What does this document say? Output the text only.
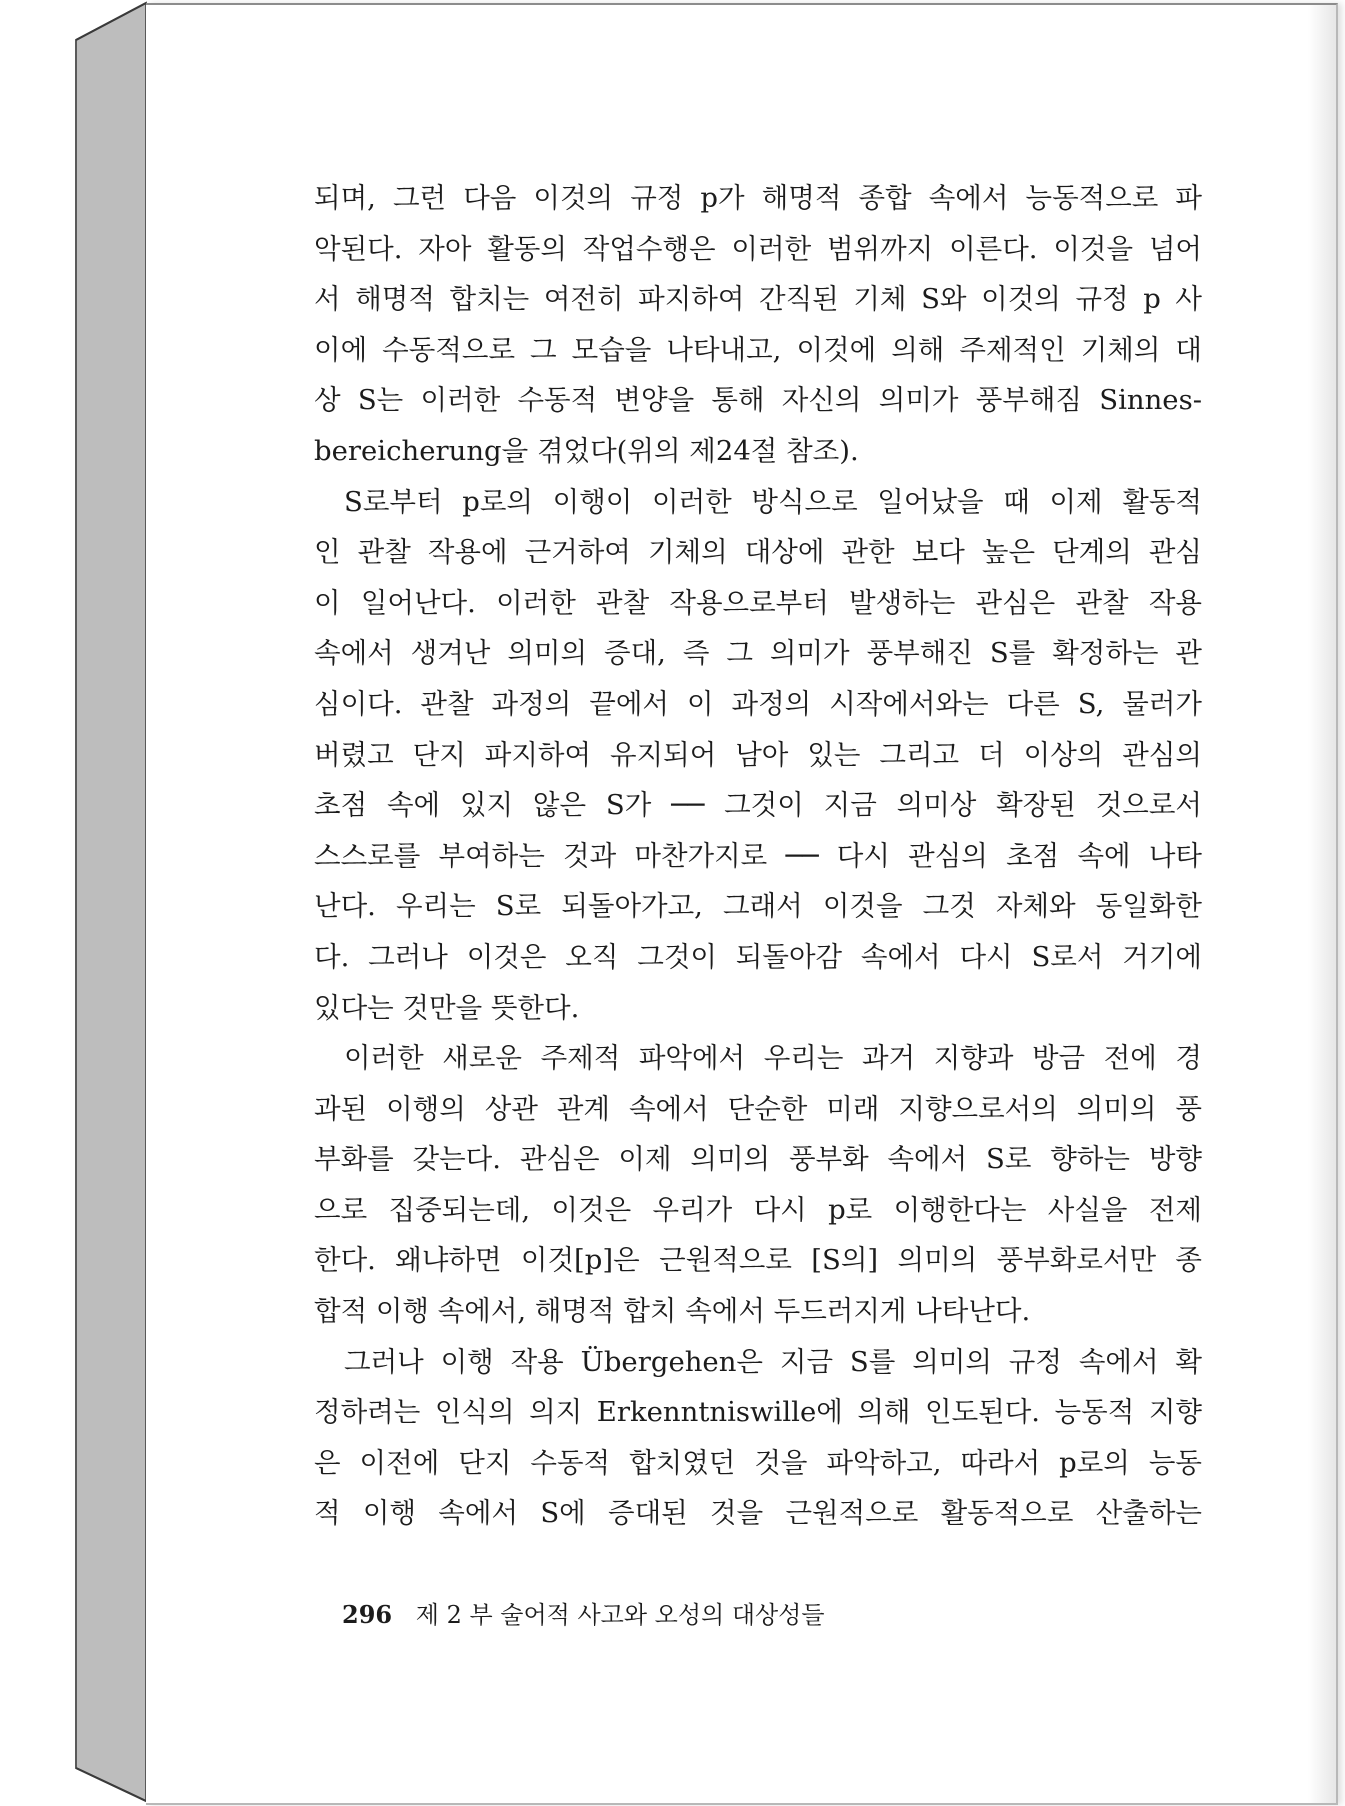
되며, 그런 다음 이것의 규정 p가 해명적 종합 속에서 능동적으로 파
악된다. 자아 활동의 작업수행은 이러한 범위까지 이른다. 이것을 넘어
서 해명적 합치는 여전히 파지하여 간직된 기체 S와 이것의 규정 p 사
이에 수동적으로 그 모습을 나타내고, 이것에 의해 주제적인 기체의 대
상 S는 이러한 수동적 변양을 통해 자신의 의미가 풍부해짐 Sinnes-
bereicherung을 겪었다(위의 제24절 참조).
S로부터 p로의 이행이 이러한 방식으로 일어났을 때 이제 활동적
인 관찰 작용에 근거하여 기체의 대상에 관한 보다 높은 단계의 관심
이 일어난다. 이러한 관찰 작용으로부터 발생하는 관심은 관찰 작용
속에서 생겨난 의미의 증대, 즉 그 의미가 풍부해진 S를 확정하는 관
심이다. 관찰 과정의 끝에서 이 과정의 시작에서와는 다른 S, 물러가
버렸고 단지 파지하여 유지되어 남아 있는 그리고 더 이상의 관심의
초점 속에 있지 않은 S가 ── 그것이 지금 의미상 확장된 것으로서
스스로를 부여하는 것과 마찬가지로 ── 다시 관심의 초점 속에 나타
난다. 우리는 S로 되돌아가고, 그래서 이것을 그것 자체와 동일화한
다. 그러나 이것은 오직 그것이 되돌아감 속에서 다시 S로서 거기에
있다는 것만을 뜻한다.
이러한 새로운 주제적 파악에서 우리는 과거 지향과 방금 전에 경
과된 이행의 상관 관계 속에서 단순한 미래 지향으로서의 의미의 풍
부화를 갖는다. 관심은 이제 의미의 풍부화 속에서 S로 향하는 방향
으로 집중되는데, 이것은 우리가 다시 p로 이행한다는 사실을 전제
한다. 왜냐하면 이것[p]은 근원적으로 [S의] 의미의 풍부화로서만 종
합적 이행 속에서, 해명적 합치 속에서 두드러지게 나타난다.
그러나 이행 작용 Übergehen은 지금 S를 의미의 규정 속에서 확
정하려는 인식의 의지 Erkenntniswille에 의해 인도된다. 능동적 지향
은 이전에 단지 수동적 합치였던 것을 파악하고, 따라서 p로의 능동
적 이행 속에서 S에 증대된 것을 근원적으로 활동적으로 산출하는
296 제 2 부 술어적 사고와 오성의 대상성들
